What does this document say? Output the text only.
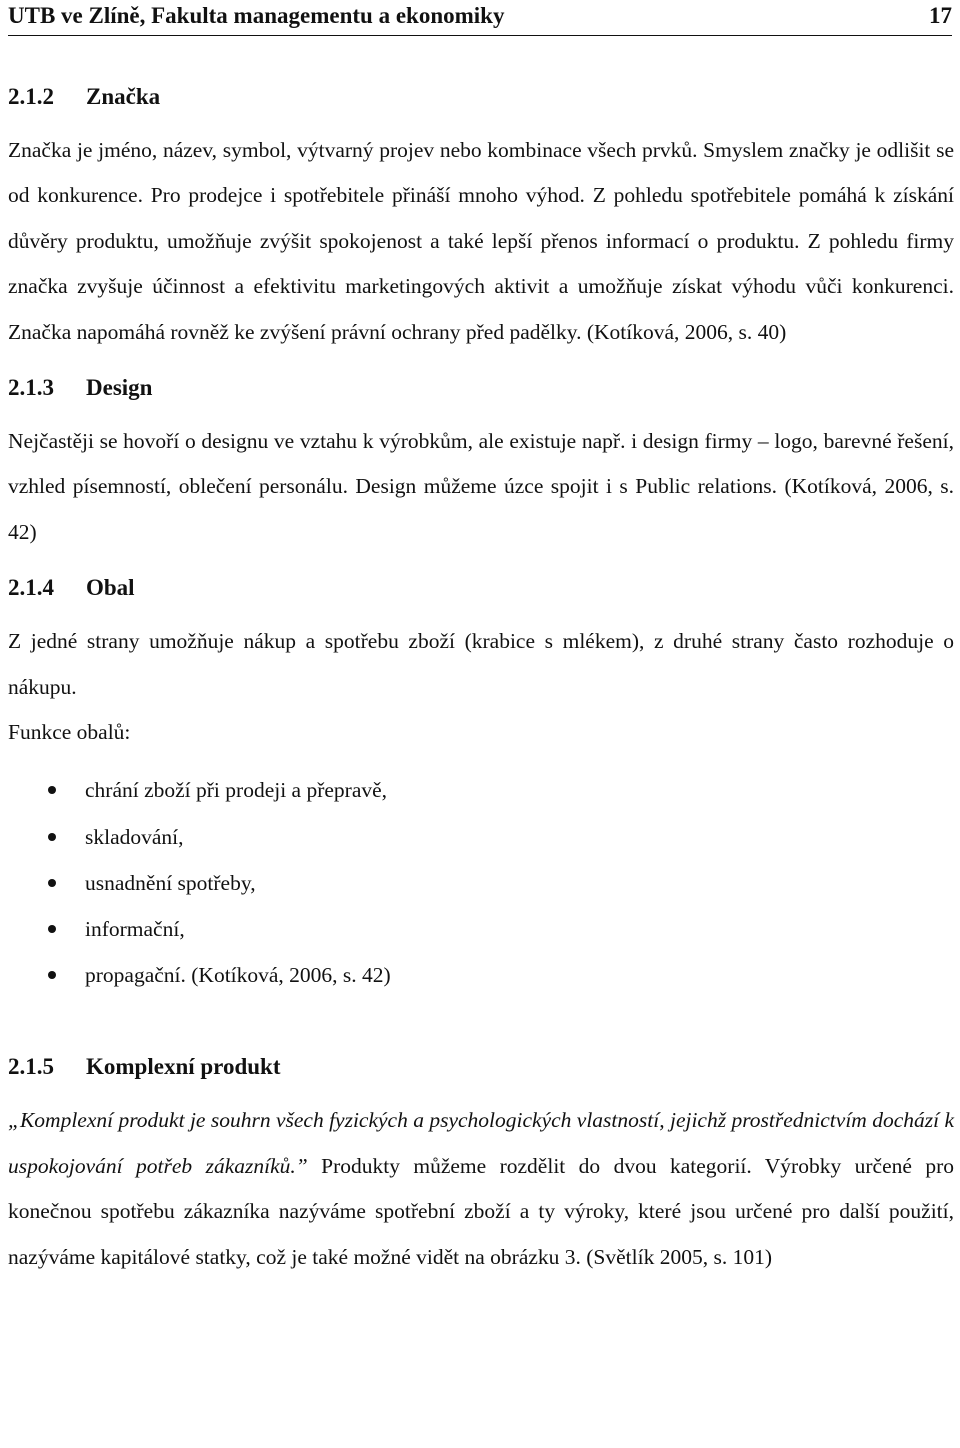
UTB ve Zlíně, Fakulta managementu a ekonomiky	17
2.1.2	Značka

Značka je jméno, název, symbol, výtvarný projev nebo kombinace všech prvků. Smyslem značky je odlišit se od konkurence. Pro prodejce i spotřebitele přináší mnoho výhod. Z pohledu spotřebitele pomáhá k získání důvěry produktu, umožňuje zvýšit spokojenost a také lepší přenos informací o produktu. Z pohledu firmy značka zvyšuje účinnost a efektivitu marketingových aktivit a umožňuje získat výhodu vůči konkurenci. Značka napomáhá rovněž ke zvýšení právní ochrany před padělky. (Kotíková, 2006, s. 40)

2.1.3	Design

Nejčastěji se hovoří o designu ve vztahu k výrobkům, ale existuje např. i design firmy – logo, barevné řešení, vzhled písemností, oblečení personálu. Design můžeme úzce spojit i s Public relations. (Kotíková, 2006, s. 42)

2.1.4	Obal

Z jedné strany umožňuje nákup a spotřebu zboží (krabice s mlékem), z druhé strany často rozhoduje o nákupu.

Funkce obalů:

chrání zboží při prodeji a přepravě,
skladování,
usnadnění spotřeby,
informační,
propagační. (Kotíková, 2006, s. 42)
2.1.5	Komplexní produkt

„Komplexní produkt je souhrn všech fyzických a psychologických vlastností, jejichž prostřednictvím dochází k uspokojování potřeb zákazníků.” Produkty můžeme rozdělit do dvou kategorií. Výrobky určené pro konečnou spotřebu zákazníka nazýváme spotřební zboží a ty výroky, které jsou určené pro další použití, nazýváme kapitálové statky, což je také možné vidět na obrázku 3. (Světlík 2005, s. 101)
